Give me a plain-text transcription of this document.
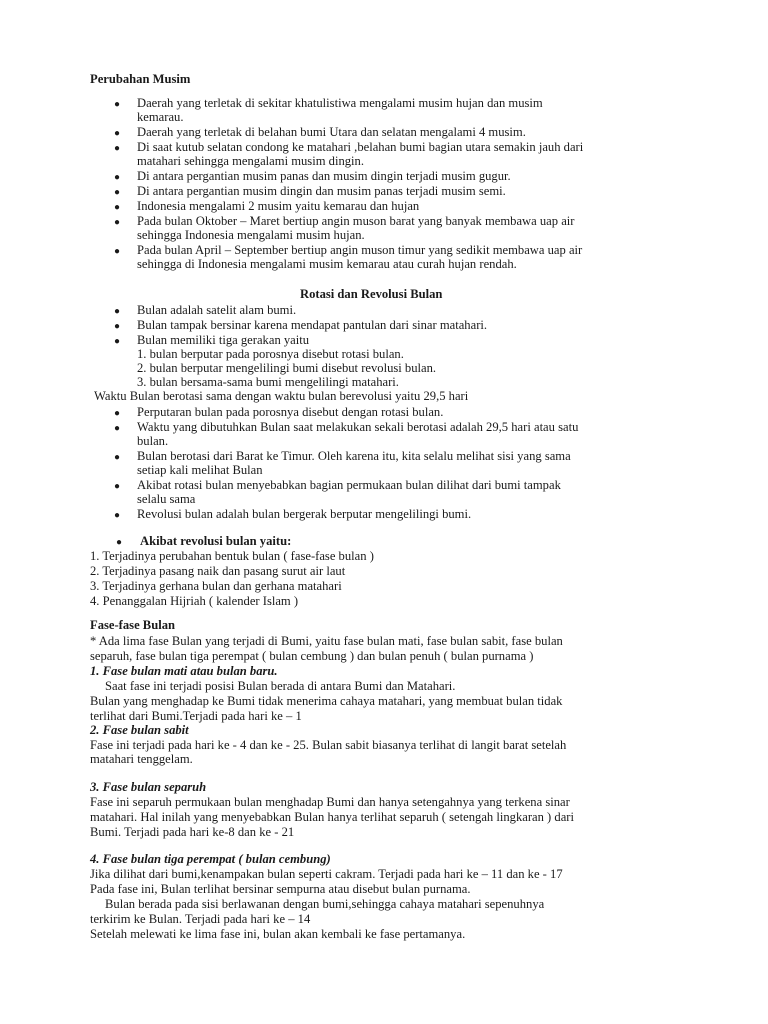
Perubahan Musim
● Daerah yang terletak di sekitar khatulistiwa mengalami musim hujan dan musim
kemarau.
● Daerah yang terletak di belahan bumi Utara dan selatan mengalami 4 musim.
● Di saat kutub selatan condong ke matahari ,belahan bumi bagian utara semakin jauh dari
matahari sehingga mengalami musim dingin.
● Di antara pergantian musim panas dan musim dingin terjadi musim gugur.
● Di antara pergantian musim dingin dan musim panas terjadi musim semi.
● Indonesia mengalami 2 musim yaitu kemarau dan hujan
● Pada bulan Oktober – Maret bertiup angin muson barat yang banyak membawa uap air
sehingga Indonesia mengalami musim hujan.
● Pada bulan April – September bertiup angin muson timur yang sedikit membawa uap air
sehingga di Indonesia mengalami musim kemarau atau curah hujan rendah.
Rotasi dan Revolusi Bulan
● Bulan adalah satelit alam bumi.
● Bulan tampak bersinar karena mendapat pantulan dari sinar matahari.
● Bulan memiliki tiga gerakan yaitu
1. bulan berputar pada porosnya disebut rotasi bulan.
2. bulan berputar mengelilingi bumi disebut revolusi bulan.
3. bulan bersama-sama bumi mengelilingi matahari.
Waktu Bulan berotasi sama dengan waktu bulan berevolusi yaitu 29,5 hari
● Perputaran bulan pada porosnya disebut dengan rotasi bulan.
● Waktu yang dibutuhkan Bulan saat melakukan sekali berotasi adalah 29,5 hari atau satu
bulan.
● Bulan berotasi dari Barat ke Timur. Oleh karena itu, kita selalu melihat sisi yang sama
setiap kali melihat Bulan
● Akibat rotasi bulan menyebabkan bagian permukaan bulan dilihat dari bumi tampak
selalu sama
● Revolusi bulan adalah bulan bergerak berputar mengelilingi bumi.
● Akibat revolusi bulan yaitu:
1. Terjadinya perubahan bentuk bulan ( fase-fase bulan )
2. Terjadinya pasang naik dan pasang surut air laut
3. Terjadinya gerhana bulan dan gerhana matahari
4. Penanggalan Hijriah ( kalender Islam )
Fase-fase Bulan
* Ada lima fase Bulan yang terjadi di Bumi, yaitu fase bulan mati, fase bulan sabit, fase bulan
separuh, fase bulan tiga perempat ( bulan cembung ) dan bulan penuh ( bulan purnama )
1. Fase bulan mati atau bulan baru.
Saat fase ini terjadi posisi Bulan berada di antara Bumi dan Matahari.
Bulan yang menghadap ke Bumi tidak menerima cahaya matahari, yang membuat bulan tidak
terlihat dari Bumi.Terjadi pada hari ke – 1
2. Fase bulan sabit
Fase ini terjadi pada hari ke - 4 dan ke - 25. Bulan sabit biasanya terlihat di langit barat setelah
matahari tenggelam.
3. Fase bulan separuh
Fase ini separuh permukaan bulan menghadap Bumi dan hanya setengahnya yang terkena sinar
matahari. Hal inilah yang menyebabkan Bulan hanya terlihat separuh ( setengah lingkaran ) dari
Bumi. Terjadi pada hari ke-8 dan ke - 21
4. Fase bulan tiga perempat ( bulan cembung)
Jika dilihat dari bumi,kenampakan bulan seperti cakram. Terjadi pada hari ke – 11 dan ke - 17
Pada fase ini, Bulan terlihat bersinar sempurna atau disebut bulan purnama.
Bulan berada pada sisi berlawanan dengan bumi,sehingga cahaya matahari sepenuhnya
terkirim ke Bulan. Terjadi pada hari ke – 14
Setelah melewati ke lima fase ini, bulan akan kembali ke fase pertamanya.
